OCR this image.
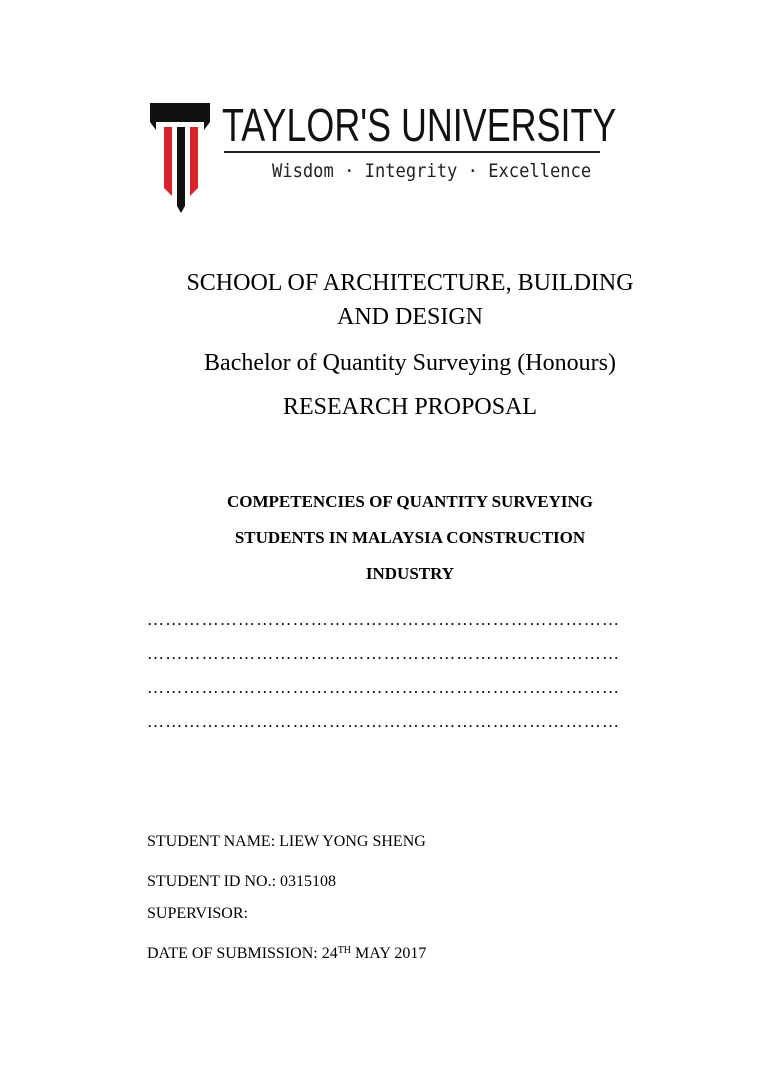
TAYLOR'S UNIVERSITY
Wisdom · Integrity · Excellence
SCHOOL OF ARCHITECTURE, BUILDING AND DESIGN
Bachelor of Quantity Surveying (Honours)
RESEARCH PROPOSAL
COMPETENCIES OF QUANTITY SURVEYING
STUDENTS IN MALAYSIA CONSTRUCTION
INDUSTRY
……………………………………………………………………
……………………………………………………………………
……………………………………………………………………
……………………………………………………………………
STUDENT NAME: LIEW YONG SHENG
STUDENT ID NO.: 0315108
SUPERVISOR:
DATE OF SUBMISSION: 24TH MAY 2017
